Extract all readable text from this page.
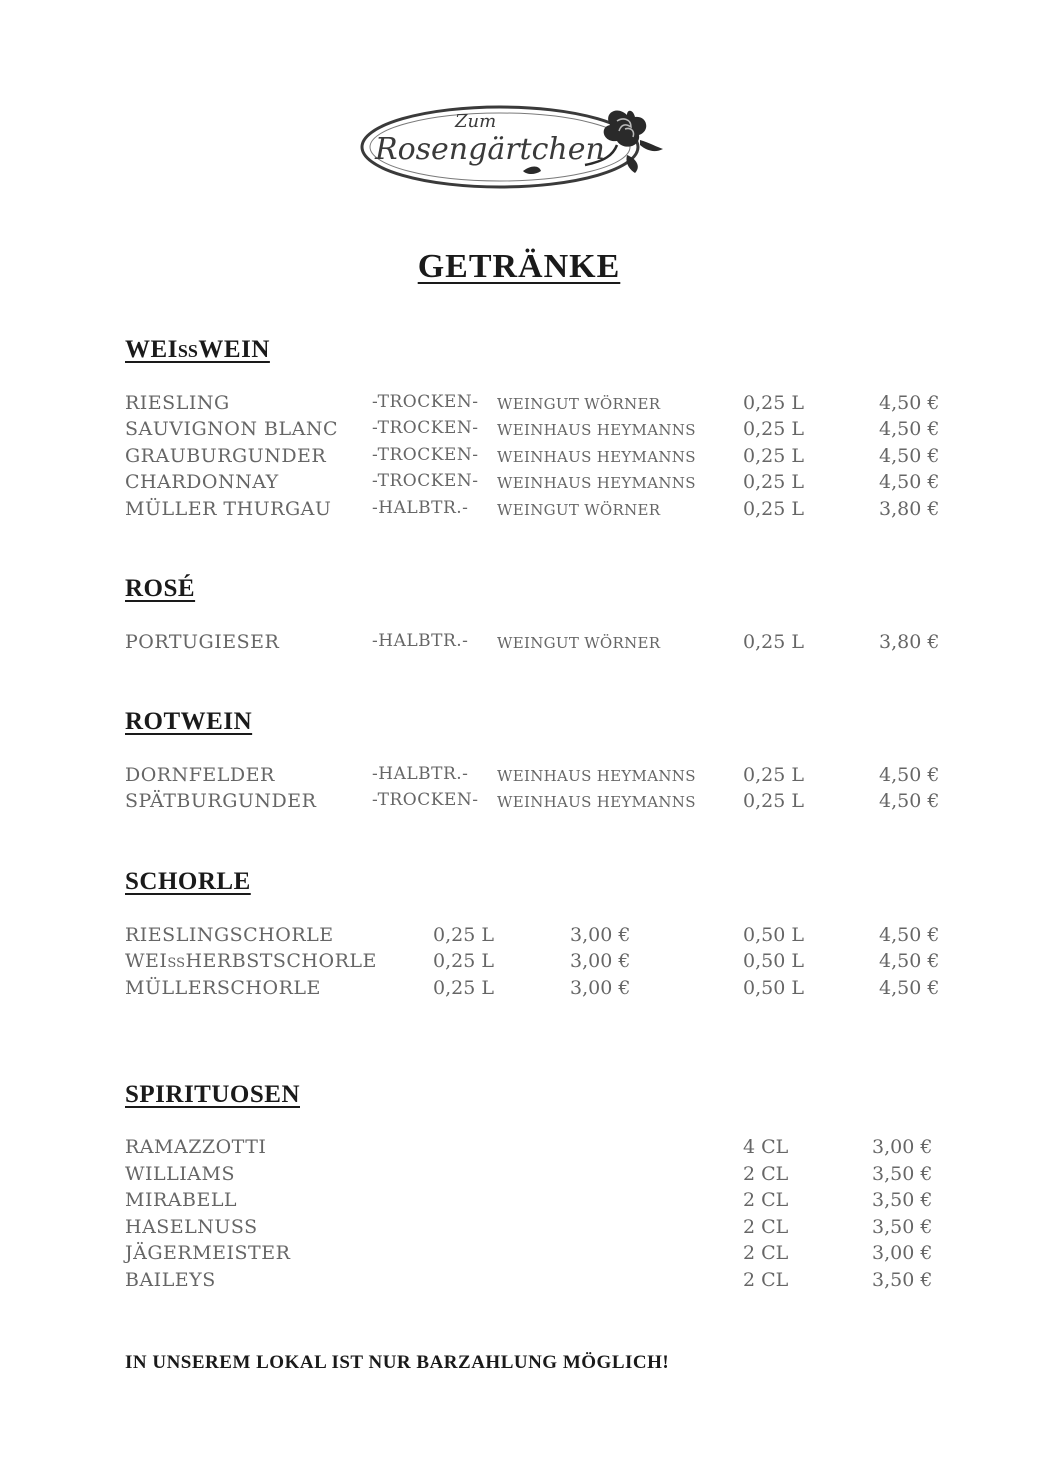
Zum
Rosengärtchen
GETRÄNKE
WEIßWEIN
RIESLING	-TROCKEN- WEINGUT WÖRNER	0,25 L	4,50 €
SAUVIGNON BLANC -TROCKEN- WEINHAUS HEYMANNS 0,25 L	4,50 €
GRAUBURGUNDER	-TROCKEN- WEINHAUS HEYMANNS 0,25 L	4,50 €
CHARDONNAY	-TROCKEN- WEINHAUS HEYMANNS 0,25 L	4,50 €
MÜLLER THURGAU -HALBTR.- WEINGUT WÖRNER	0,25 L	3,80 €
ROSÉ
PORTUGIESER	-HALBTR.- WEINGUT WÖRNER	0,25 L	3,80 €
ROTWEIN
DORNFELDER	-HALBTR.- WEINHAUS HEYMANNS 0,25 L	4,50 €
SPÄTBURGUNDER	-TROCKEN- WEINHAUS HEYMANNS 0,25 L	4,50 €
SCHORLE
RIESLINGSCHORLE	0,25 L	3,00 €	0,50 L	4,50 €
WEIßHERBSTSCHORLE	0,25 L	3,00 €	0,50 L	4,50 €
MÜLLERSCHORLE	0,25 L	3,00 €	0,50 L	4,50 €
SPIRITUOSEN
RAMAZZOTTI	4 CL	3,00 €
WILLIAMS	2 CL	3,50 €
MIRABELL	2 CL	3,50 €
HASELNUSS	2 CL	3,50 €
JÄGERMEISTER	2 CL	3,00 €
BAILEYS	2 CL	3,50 €
IN UNSEREM LOKAL IST NUR BARZAHLUNG MÖGLICH!
